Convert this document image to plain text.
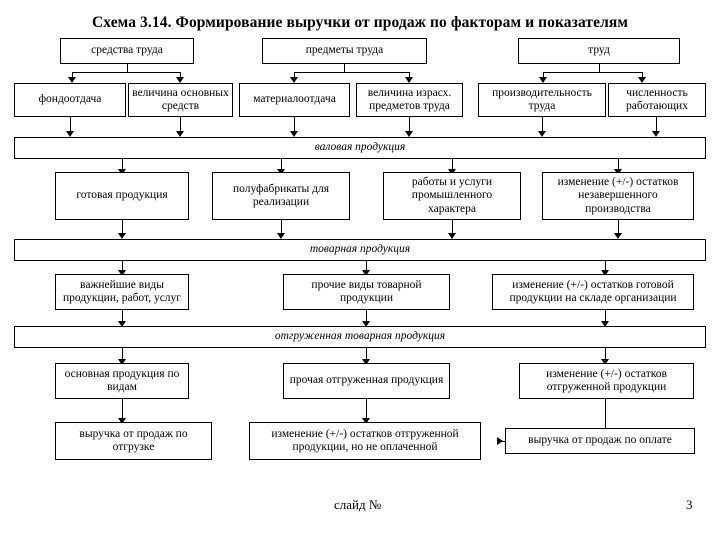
Схема 3.14. Формирование выручки от продаж по факторам и показателям
средства труда	предметы труда	труд
фондоотдача
величина основных средств
материалоотдача
величина израсх. предметов труда
производительность труда
численность работающих
валовая продукция
готовая продукция
полуфабрикаты для реализации
работы и услуги промышленного характера
изменение (+/-) остатков незавершенного производства
товарная продукция
важнейшие виды продукции, работ, услуг
прочие виды товарной продукции
изменение (+/-) остатков готовой продукции на складе организации
отгруженная товарная продукция
основная продукция по видам
прочая отгруженная продукция
изменение (+/-) остатков отгруженной продукции
выручка от продаж по отгрузке
изменение (+/-) остатков отгруженной продукции, но не оплаченной
выручка от продаж по оплате
слайд №	3
